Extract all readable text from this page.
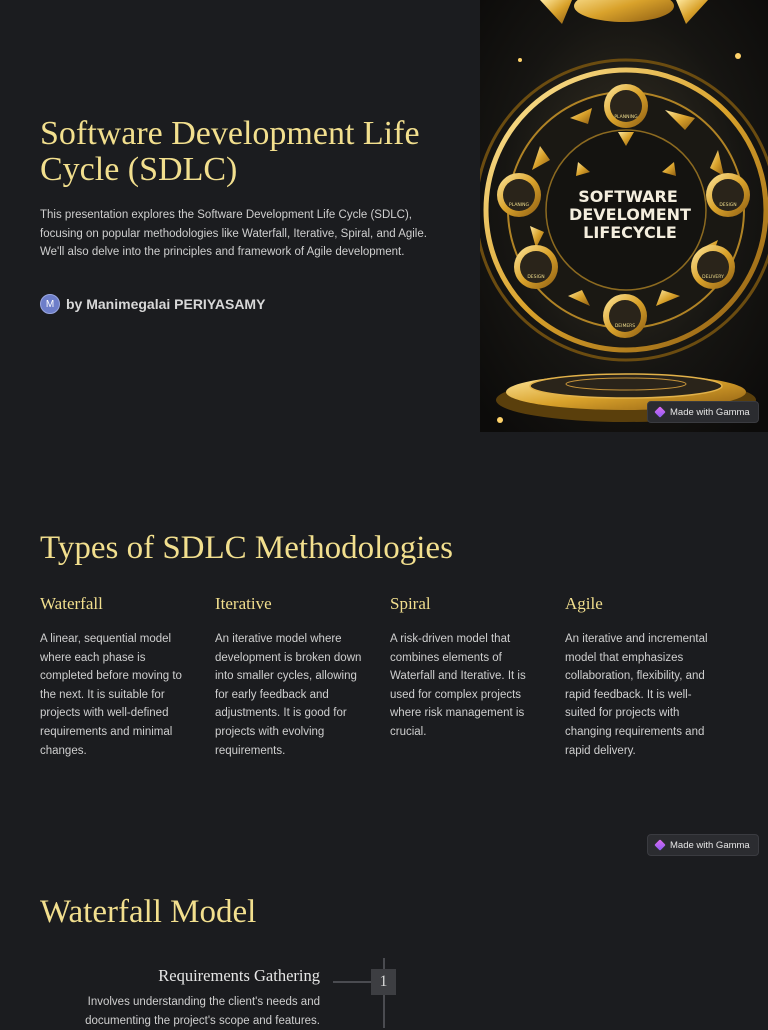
Software Development Life Cycle (SDLC)

This presentation explores the Software Development Life Cycle (SDLC), focusing on popular methodologies like Waterfall, Iterative, Spiral, and Agile. We'll also delve into the principles and framework of Agile development.

M by Manimegalai PERIYASAMY
PLANNING
DESIGN
DELIVERY
DEIMERS
DESIGN
PLANING	SOFTWARE
DEVELOMENT
LIFECYCLE
Made with Gamma
Types of SDLC Methodologies
Waterfall

A linear, sequential model where each phase is completed before moving to the next. It is suitable for projects with well-defined requirements and minimal changes.

Iterative

An iterative model where development is broken down into smaller cycles, allowing for early feedback and adjustments. It is good for projects with evolving requirements.

Spiral

A risk-driven model that combines elements of Waterfall and Iterative. It is used for complex projects where risk management is crucial.

Agile

An iterative and incremental model that emphasizes collaboration, flexibility, and rapid feedback. It is well-suited for projects with changing requirements and rapid delivery.

Made with Gamma
Waterfall Model
1
Requirements Gathering

Involves understanding the client's needs and documenting the project's scope and features.
